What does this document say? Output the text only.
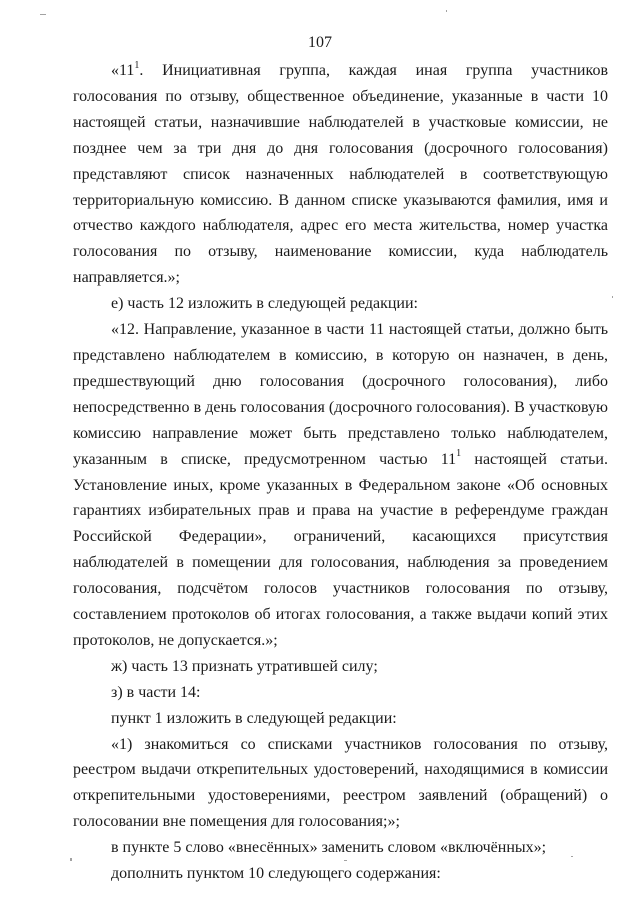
107

«$11^1$. Инициативная группа, каждая иная группа участников голосования по отзыву, общественное объединение, указанные в части 10 настоящей статьи, назначившие наблюдателей в участковые комиссии, не позднее чем за три дня до дня голосования (досрочного голосования) представляют список назначенных наблюдателей в соответствующую территориальную комиссию. В данном списке указываются фамилия, имя и отчество каждого наблюдателя, адрес его места жительства, номер участка голосования по отзыву, наименование комиссии, куда наблюдатель направляется.»;

е) часть 12 изложить в следующей редакции:

«12. Направление, указанное в части 11 настоящей статьи, должно быть представлено наблюдателем в комиссию, в которую он назначен, в день, предшествующий дню голосования (досрочного голосования), либо непосредственно в день голосования (досрочного голосования). В участковую комиссию направление может быть представлено только наблюдателем, указанным в списке, предусмотренном частью $11^1$ настоящей статьи. Установление иных, кроме указанных в Федеральном законе «Об основных гарантиях избирательных прав и права на участие в референдуме граждан Российской Федерации», ограничений, касающихся присутствия наблюдателей в помещении для голосования, наблюдения за проведением голосования, подсчётом голосов участников голосования по отзыву, составлением протоколов об итогах голосования, а также выдачи копий этих протоколов, не допускается.»;

ж) часть 13 признать утратившей силу;

з) в части 14:

пункт 1 изложить в следующей редакции:

«1) знакомиться со списками участников голосования по отзыву, реестром выдачи открепительных удостоверений, находящимися в комиссии открепительными удостоверениями, реестром заявлений (обращений) о голосовании вне помещения для голосования;»;

в пункте 5 слово «внесённых» заменить словом «включённых»;

дополнить пунктом 10 следующего содержания:
